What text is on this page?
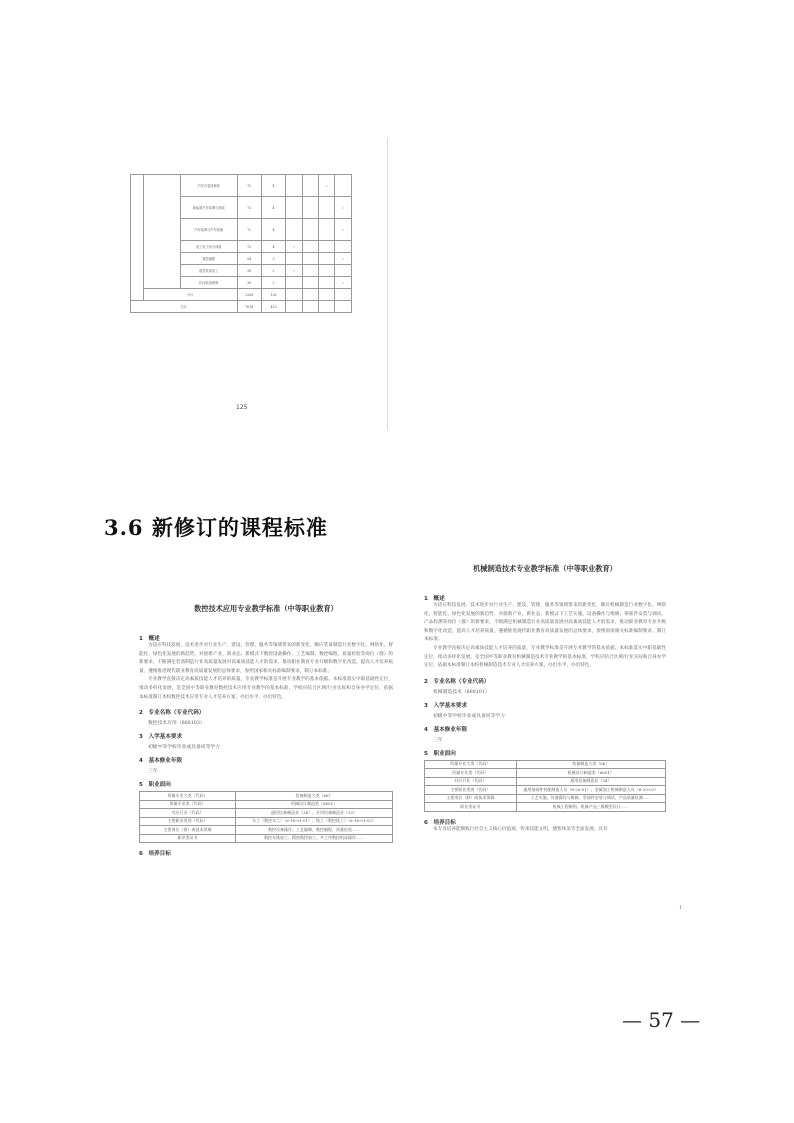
		汽车总装线调试	72	4			✓	
		新能源汽车装调与测试	72	4				✓
		汽车装调与汽车检测	72	4				✓
		电工电子综合训练	72	4	✓			
		数控编程	54	3				✓
		数控机床加工	36	2	✓			
		机床装备维修	36	2				✓
	小计		2268	126				
总计			7618	413				
125
3.6 新修订的课程标准
机械制造技术专业教学标准（中等职业教育）
1　概述
为适应科技发展、技术进步对行业生产、建设、管理、服务等领域带来的新变化，顺应机械制造行业数字化、网络化、智能化、绿色化发展的新趋势，对接新产业、新业态、新模式下工艺实施、设备操作与维修、零部件安装与调试、产品检测等岗位（群）的新要求，不断满足机械制造行业高质量发展对高素质技能人才的需求，推动职业教育专业升级和数字化改造，提高人才培养质量，遵循推进现代职业教育高质量发展的总体要求，参照国家相关标准编制要求，制订本标准。
专业教学直接决定高素质技能人才培养的质量，专业教学标准是开展专业教学的基本依据。本标准落实中职基础性定位，推动多样化发展，是全国中等职业教育机械制造技术专业教学的基本标准，学校应结合区域/行业实际和自身办学定位，依据本标准制订本校机械制造技术专业人才培养方案，办出水平，办出特色。
2　专业名称（专业代码）
机械制造技术（660101）
3　入学基本要求
初级中等学校毕业或具备同等学力
4　基本修业年限
三年
5　职业面向
所属专业大类（代码）	装备制造大类（66）
所属专业类（代码）	机械设计制造类（6601）
对应行业（代码）	通用设备制造业（34）
主要职业类别（代码）	通用基础件装配制造人员（6-20-01）、金属加工机械制造人员（6-20-03）
主要岗位（群）或技术领域	工艺实施、设备操作与维修、零部件安装与调试、产品质量检测……
职业类证书	机械工程制图、机械产品三维模型设计……
6　培养目标
本专业培养能够践行社会主义核心价值观，传承技能文明，德智体美劳全面发展，具有
1
数控技术应用专业教学标准（中等职业教育）
1　概述
为适应科技发展、技术进步对行业生产、建设、管理、服务等领域带来的新变化，顺应装备制造行业数字化、网络化、智能化、绿色化发展的新趋势，对接新产业、新业态、新模式下数控设备操作、工艺编制、数控编程、质量检验等岗位（群）的新要求，不断满足装备制造行业高质量发展对高素质技能人才的需求，推动职业教育专业升级和数字化改造，提高人才培养质量，遵循推进现代职业教育高质量发展的总体要求，参照国家相关标准编制要求，制订本标准。
专业教学直接决定高素质技能人才培养的质量，专业教学标准是开展专业教学的基本依据。本标准落实中职基础性定位，推动多样化发展，是全国中等职业教育数控技术应用专业教学的基本标准，学校应结合区域/行业实际和自身办学定位，依据本标准制订本校数控技术应用专业人才培养方案，办出水平，办出特色。
2　专业名称（专业代码）
数控技术应用（660103）
3　入学基本要求
初级中等学校毕业或具备同等学力
4　基本修业年限
三年
5　职业面向
所属专业大类（代码）	装备制造大类（66）
所属专业类（代码）	机械设计制造类（6601）
对应行业（代码）	通用设备制造业（34）、专用设备制造业（35）
主要职业类别（代码）	车工（数控车工）（6-18-01-01）、铣工（数控铣工）（6-18-01-02）
主要岗位（群）或技术领域	数控设备操作、工艺编制、数控编程、质量检验……
职业类证书	数控车铣加工、精密数控加工、多工序数控机床操作……
6　培养目标
— 57 —
